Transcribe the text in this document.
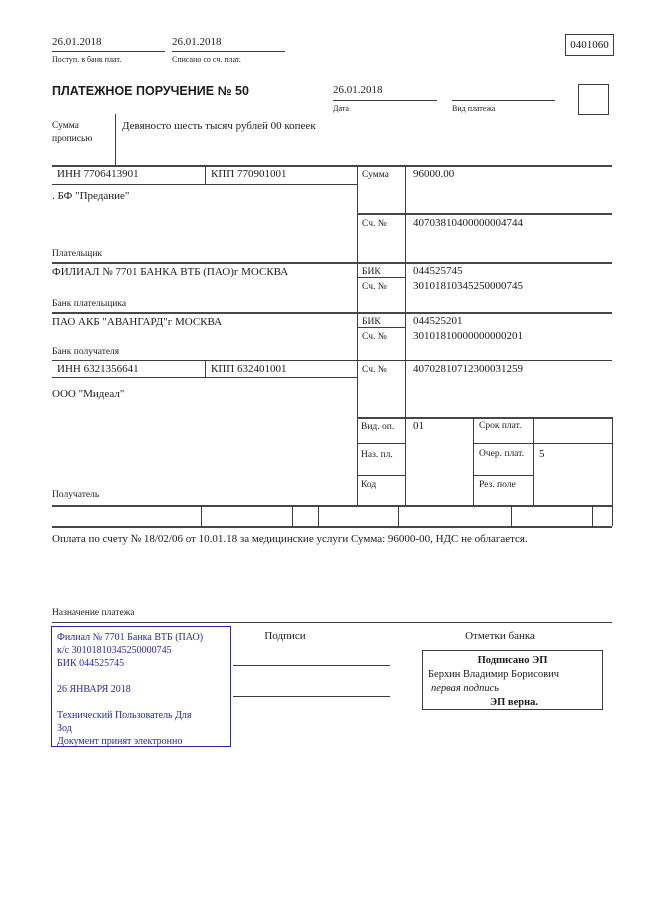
26.01.2018
Поступ. в банк плат.
26.01.2018
Списано со сч. плат.
0401060
ПЛАТЕЖНОЕ ПОРУЧЕНИЕ № 50	26.01.2018
Дата	Вид платежа
Сумма
прописью
Девяносто шесть тысяч рублей 00 копеек
ИНН 7706413901	КПП 770901001	Сумма 96000.00
. БФ "Предание"
Сч. № 40703810400000004744
Плательщик
ФИЛИАЛ № 7701 БАНКА ВТБ (ПАО)г МОСКВА	БИК	044525745
Сч. № 30101810345250000745
Банк плательщика
ПАО АКБ "АВАНГАРД"г МОСКВА	БИК	044525201
Сч. № 30101810000000000201
Банк получателя
ИНН 6321356641	КПП 632401001	Сч. № 40702810712300031259
ООО "Мидеал"
Получатель
Вид. оп. 01	Срок плат.
Наз. пл.	Очер. плат.	5
Код	Рез. поле
Оплата по счету № 18/02/06 от 10.01.18 за медицинские услуги Сумма: 96000-00, НДС не облагается.
Назначение платежа

Филиал № 7701 Банка ВТБ (ПАО)

к/с 30101810345250000745

БИК 044525745

26 ЯНВАРЯ 2018

Технический Пользователь Для

Зод

Документ принят электронно

Подписи	Отметки банка
Подписано ЭП
Берхин Владимир Борисович
первая подпись
ЭП верна.
